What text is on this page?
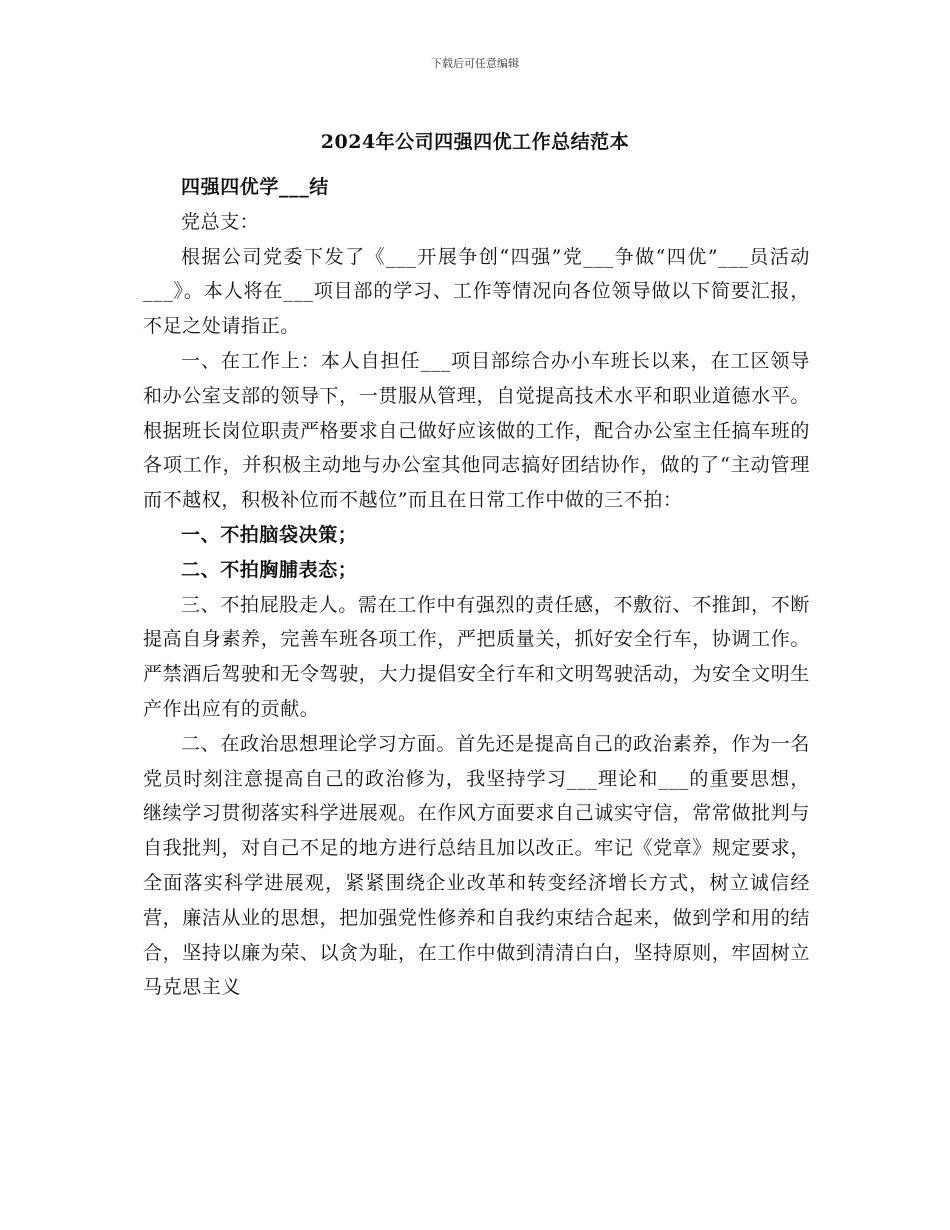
下载后可任意编辑
2024年公司四强四优工作总结范本

四强四优学___结

党总支：

根据公司党委下发了《___开展争创“四强”党___争做“四优”___员活动___》。本人将在___项目部的学习、工作等情况向各位领导做以下简要汇报，不足之处请指正。

一、在工作上：本人自担任___项目部综合办小车班长以来，在工区领导和办公室支部的领导下，一贯服从管理，自觉提高技术水平和职业道德水平。根据班长岗位职责严格要求自己做好应该做的工作，配合办公室主任搞车班的各项工作，并积极主动地与办公室其他同志搞好团结协作，做的了“主动管理而不越权，积极补位而不越位”而且在日常工作中做的三不拍：

一、不拍脑袋决策；

二、不拍胸脯表态；

三、不拍屁股走人。需在工作中有强烈的责任感，不敷衍、不推卸，不断提高自身素养，完善车班各项工作，严把质量关，抓好安全行车，协调工作。严禁酒后驾驶和无令驾驶，大力提倡安全行车和文明驾驶活动，为安全文明生产作出应有的贡献。

二、在政治思想理论学习方面。首先还是提高自己的政治素养，作为一名党员时刻注意提高自己的政治修为，我坚持学习___理论和___的重要思想，继续学习贯彻落实科学进展观。在作风方面要求自己诚实守信，常常做批判与自我批判，对自己不足的地方进行总结且加以改正。牢记《党章》规定要求，全面落实科学进展观，紧紧围绕企业改革和转变经济增长方式，树立诚信经营，廉洁从业的思想，把加强党性修养和自我约束结合起来，做到学和用的结合，坚持以廉为荣、以贪为耻，在工作中做到清清白白，坚持原则，牢固树立马克思主义
